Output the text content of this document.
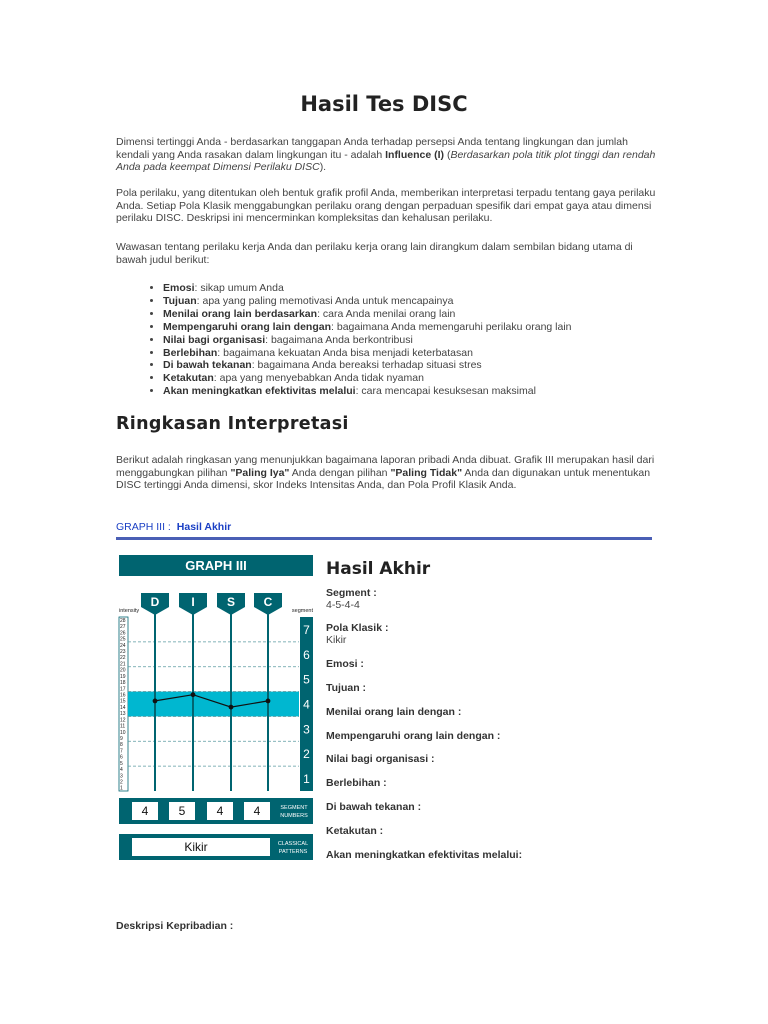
Hasil Tes DISC

Dimensi tertinggi Anda - berdasarkan tanggapan Anda terhadap persepsi Anda tentang lingkungan dan jumlah kendali yang Anda rasakan dalam lingkungan itu - adalah Influence (I) (Berdasarkan pola titik plot tinggi dan rendah Anda pada keempat Dimensi Perilaku DISC).

Pola perilaku, yang ditentukan oleh bentuk grafik profil Anda, memberikan interpretasi terpadu tentang gaya perilaku Anda. Setiap Pola Klasik menggabungkan perilaku orang dengan perpaduan spesifik dari empat gaya atau dimensi perilaku DISC. Deskripsi ini mencerminkan kompleksitas dan kehalusan perilaku.

Wawasan tentang perilaku kerja Anda dan perilaku kerja orang lain dirangkum dalam sembilan bidang utama di bawah judul berikut:

• Emosi: sikap umum Anda
• Tujuan: apa yang paling memotivasi Anda untuk mencapainya
• Menilai orang lain berdasarkan: cara Anda menilai orang lain
• Mempengaruhi orang lain dengan: bagaimana Anda memengaruhi perilaku orang lain
• Nilai bagi organisasi: bagaimana Anda berkontribusi
• Berlebihan: bagaimana kekuatan Anda bisa menjadi keterbatasan
• Di bawah tekanan: bagaimana Anda bereaksi terhadap situasi stres
• Ketakutan: apa yang menyebabkan Anda tidak nyaman
• Akan meningkatkan efektivitas melalui: cara mencapai kesuksesan maksimal
Ringkasan Interpretasi

Berikut adalah ringkasan yang menunjukkan bagaimana laporan pribadi Anda dibuat. Grafik III merupakan hasil dari menggabungkan pilihan "Paling Iya" Anda dengan pilihan "Paling Tidak" Anda dan digunakan untuk menentukan DISC tertinggi Anda dimensi, skor Indeks Intensitas Anda, dan Pola Profil Klasik Anda.

GRAPH III : Hasil Akhir
GRAPH III
D	I	S C
intensity	segment
28
27
26
25
24
23
22
21
20
19
18
17
16
15
14
13
12
11
10
9
8
7
6
5
4
3
2
1
7
6
5
4
3
2
1
4	5	4	4	SEGMENT
NUMBERS
Kikir	CLASSICAL
PATTERNS
Hasil Akhir
Segment :
4-5-4-4
Pola Klasik :
Kikir
Emosi :
Tujuan :
Menilai orang lain dengan :
Mempengaruhi orang lain dengan :
Nilai bagi organisasi :
Berlebihan :
Di bawah tekanan :
Ketakutan :
Akan meningkatkan efektivitas melalui:
Deskripsi Kepribadian :
